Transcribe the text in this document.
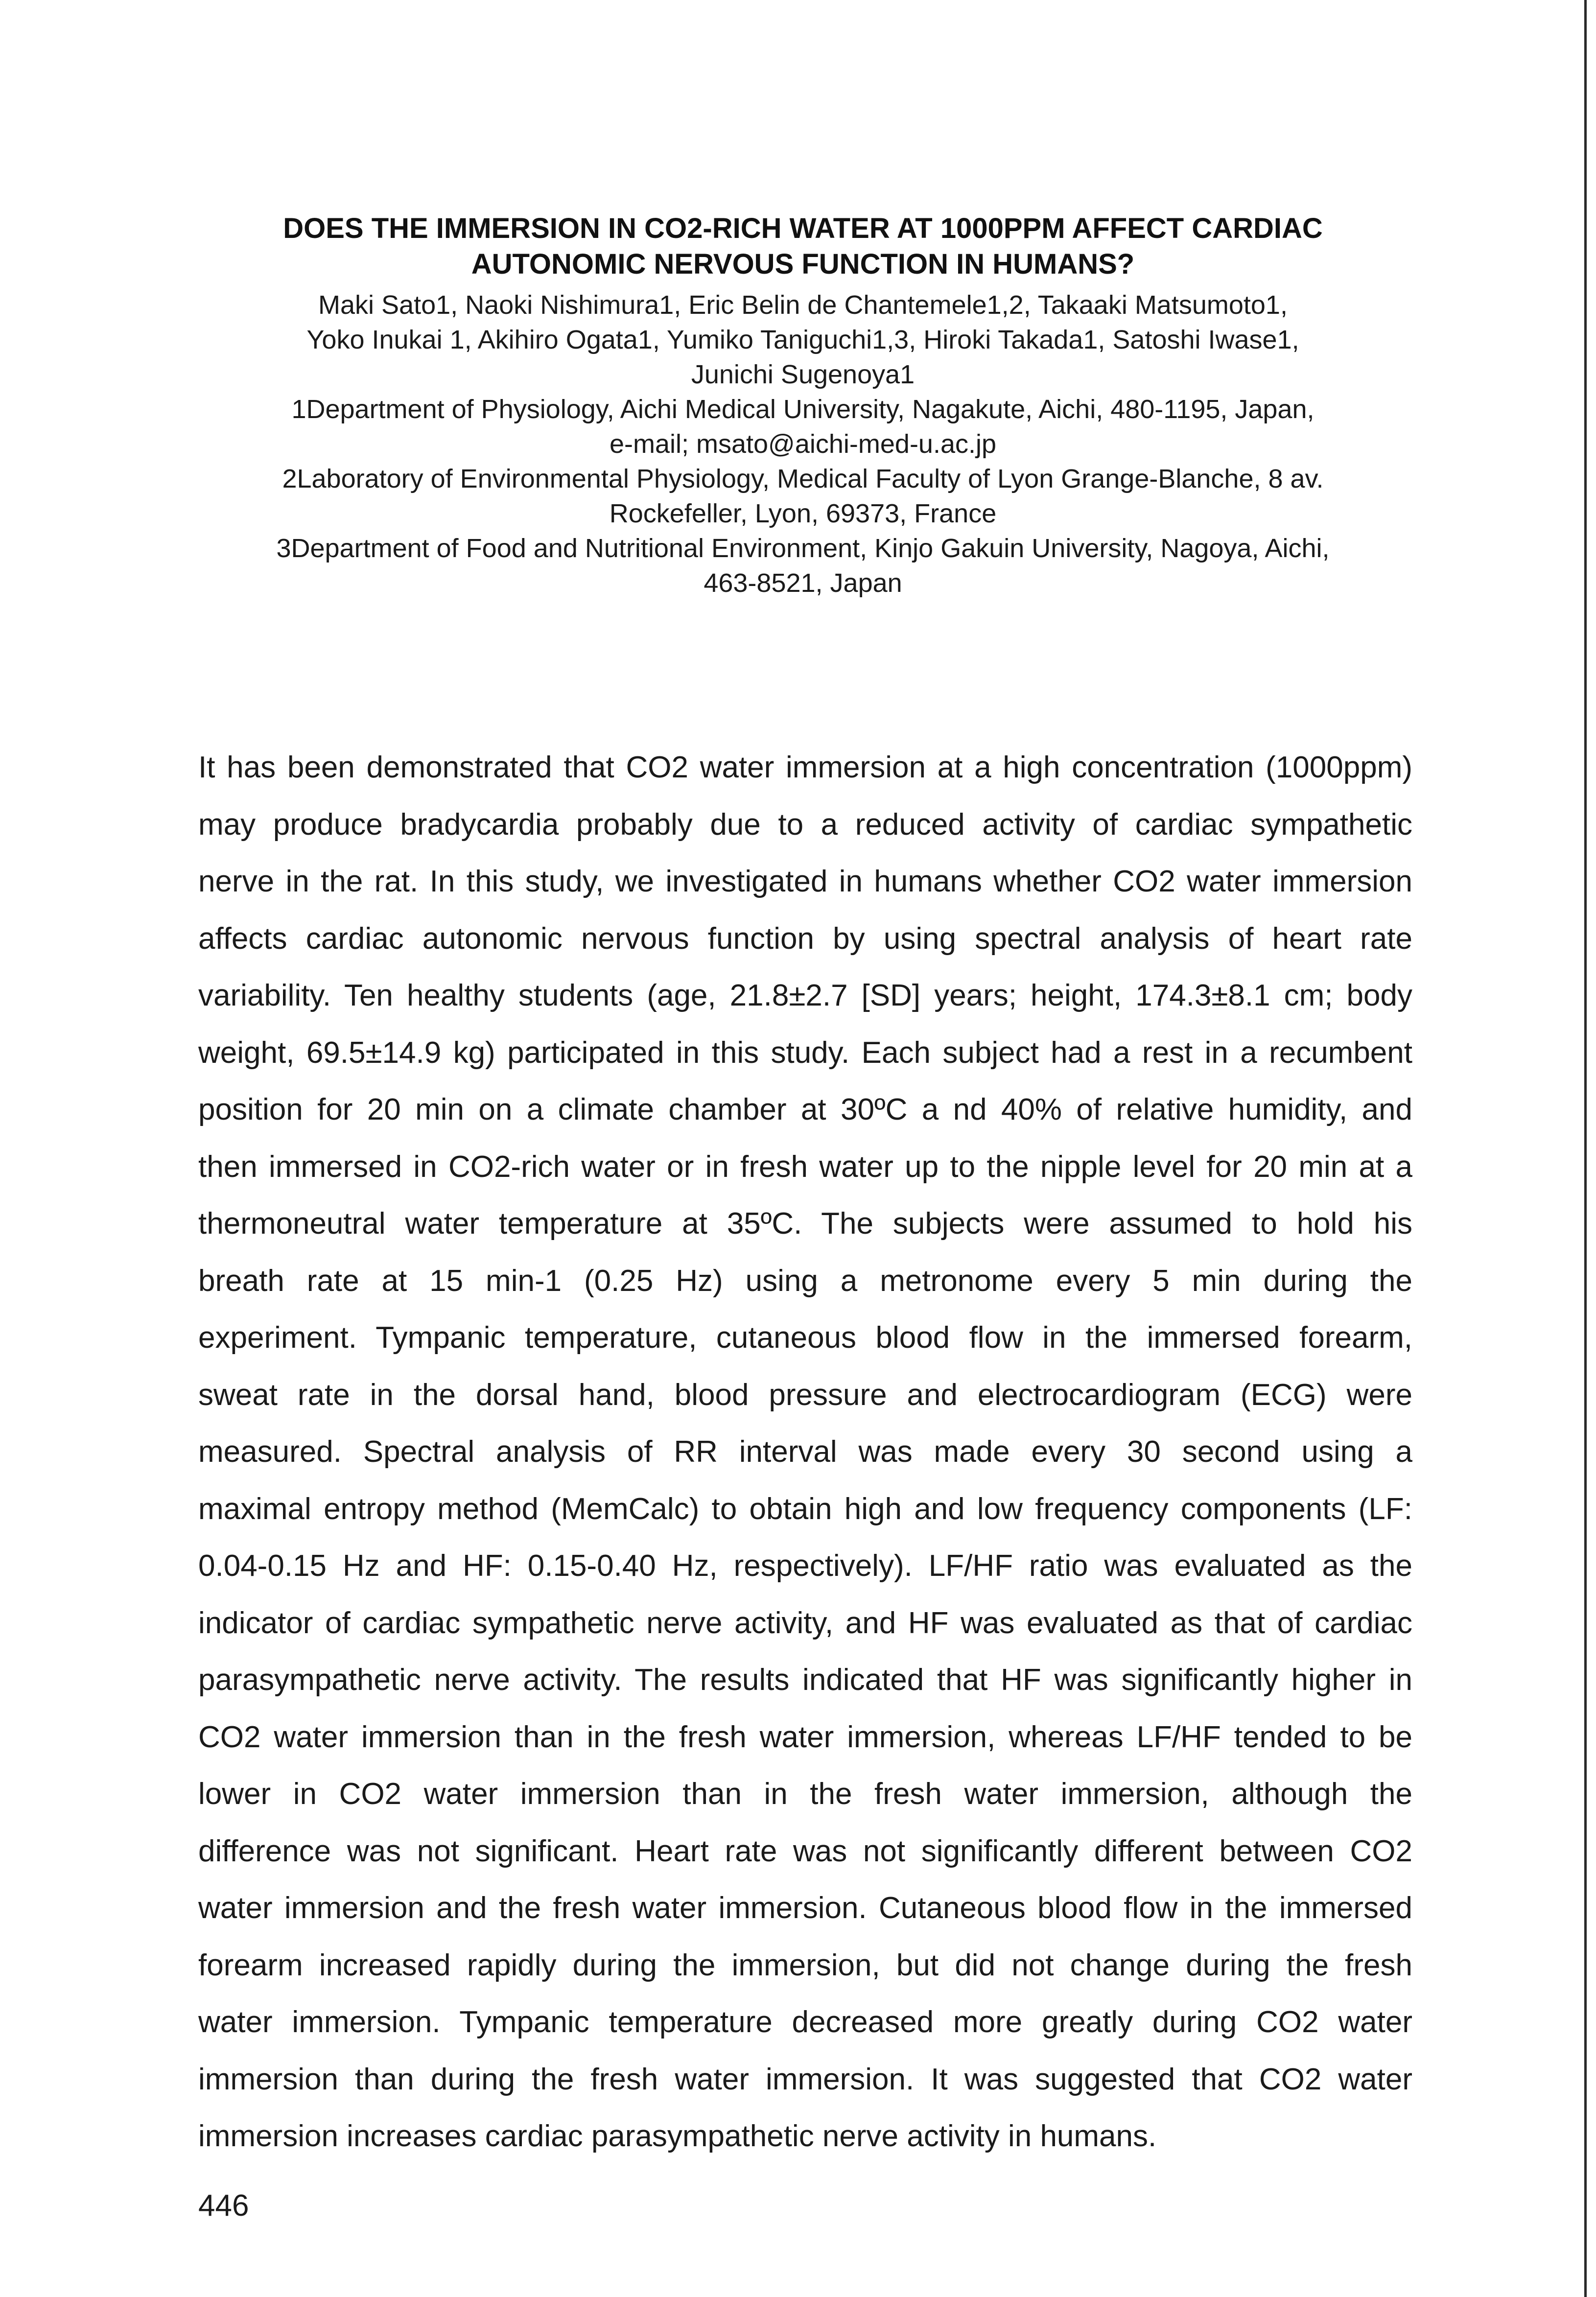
DOES THE IMMERSION IN CO2-RICH WATER AT 1000PPM AFFECT CARDIAC
AUTONOMIC NERVOUS FUNCTION IN HUMANS?

Maki Sato1, Naoki Nishimura1, Eric Belin de Chantemele1,2, Takaaki Matsumoto1,
Yoko Inukai 1, Akihiro Ogata1, Yumiko Taniguchi1,3, Hiroki Takada1, Satoshi Iwase1,
Junichi Sugenoya1

1Department of Physiology, Aichi Medical University, Nagakute, Aichi, 480-1195, Japan,
e-mail; msato@aichi-med-u.ac.jp

2Laboratory of Environmental Physiology, Medical Faculty of Lyon Grange-Blanche, 8 av.
Rockefeller, Lyon, 69373, France

3Department of Food and Nutritional Environment, Kinjo Gakuin University, Nagoya, Aichi,
463-8521, Japan

It has been demonstrated that CO2 water immersion at a high concentration (1000ppm)
may produce bradycardia probably due to a reduced activity of cardiac sympathetic
nerve in the rat. In this study, we investigated in humans whether CO2 water immersion
affects cardiac autonomic nervous function by using spectral analysis of heart rate
variability. Ten healthy students (age, 21.8±2.7 [SD] years; height, 174.3±8.1 cm; body
weight, 69.5±14.9 kg) participated in this study. Each subject had a rest in a recumbent
position for 20 min on a climate chamber at 30ºC a nd 40% of relative humidity, and
then immersed in CO2-rich water or in fresh water up to the nipple level for 20 min at a
thermoneutral water temperature at 35ºC. The subjects were assumed to hold his
breath rate at 15 min-1 (0.25 Hz) using a metronome every 5 min during the
experiment. Tympanic temperature, cutaneous blood flow in the immersed forearm,
sweat rate in the dorsal hand, blood pressure and electrocardiogram (ECG) were
measured. Spectral analysis of RR interval was made every 30 second using a
maximal entropy method (MemCalc) to obtain high and low frequency components (LF:
0.04-0.15 Hz and HF: 0.15-0.40 Hz, respectively). LF/HF ratio was evaluated as the
indicator of cardiac sympathetic nerve activity, and HF was evaluated as that of cardiac
parasympathetic nerve activity. The results indicated that HF was significantly higher in
CO2 water immersion than in the fresh water immersion, whereas LF/HF tended to be
lower in CO2 water immersion than in the fresh water immersion, although the
difference was not significant. Heart rate was not significantly different between CO2
water immersion and the fresh water immersion. Cutaneous blood flow in the immersed
forearm increased rapidly during the immersion, but did not change during the fresh
water immersion. Tympanic temperature decreased more greatly during CO2 water
immersion than during the fresh water immersion. It was suggested that CO2 water
immersion increases cardiac parasympathetic nerve activity in humans.

446
